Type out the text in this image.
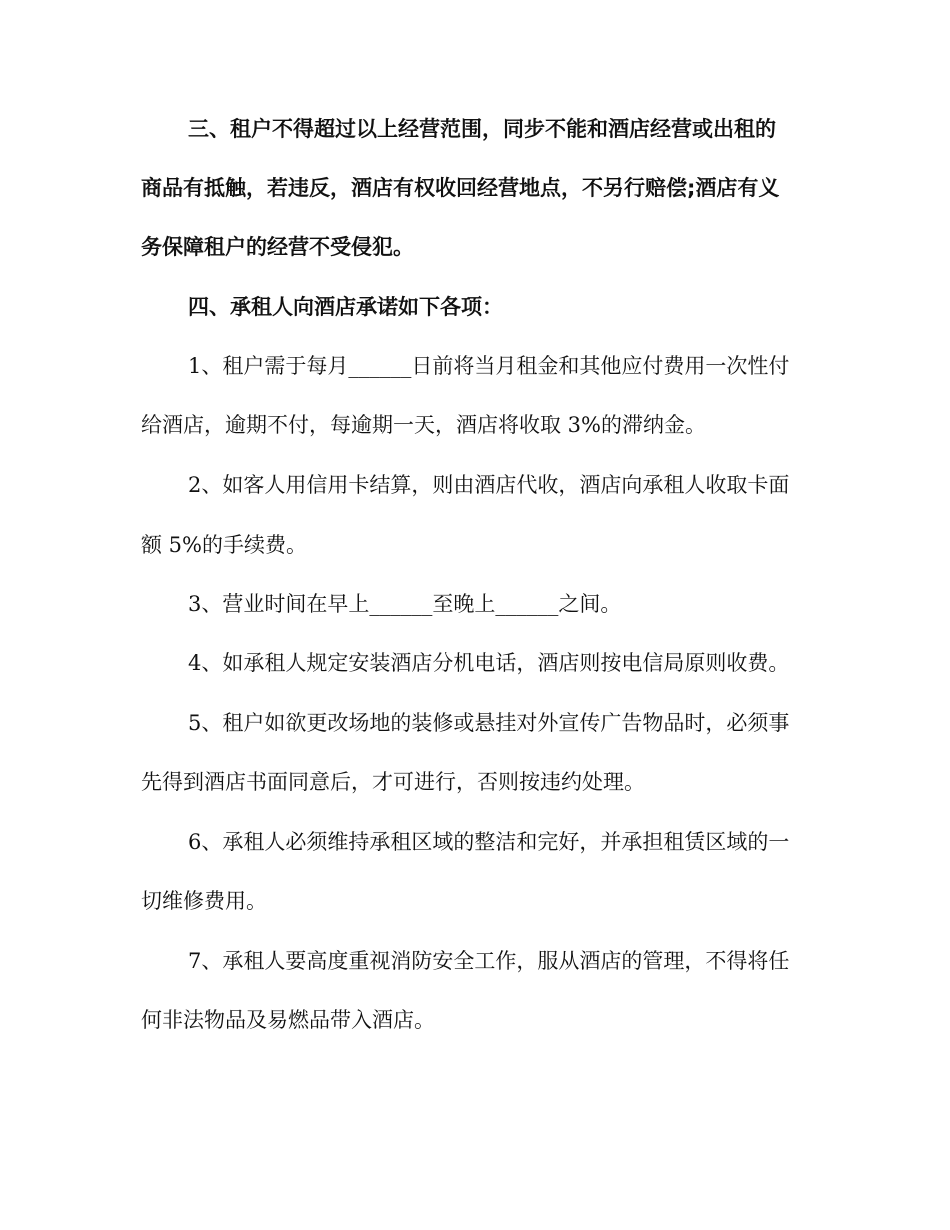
三、租户不得超过以上经营范围，同步不能和酒店经营或出租的
商品有抵触，若违反，酒店有权收回经营地点，不另行赔偿;酒店有义
务保障租户的经营不受侵犯。
四、承租人向酒店承诺如下各项：
1、租户需于每月______日前将当月租金和其他应付费用一次性付
给酒店，逾期不付，每逾期一天，酒店将收取 3%的滞纳金。
2、如客人用信用卡结算，则由酒店代收，酒店向承租人收取卡面
额 5%的手续费。
3、营业时间在早上______至晚上______之间。
4、如承租人规定安装酒店分机电话，酒店则按电信局原则收费。
5、租户如欲更改场地的装修或悬挂对外宣传广告物品时，必须事
先得到酒店书面同意后，才可进行，否则按违约处理。
6、承租人必须维持承租区域的整洁和完好，并承担租赁区域的一
切维修费用。
7、承租人要高度重视消防安全工作，服从酒店的管理，不得将任
何非法物品及易燃品带入酒店。
